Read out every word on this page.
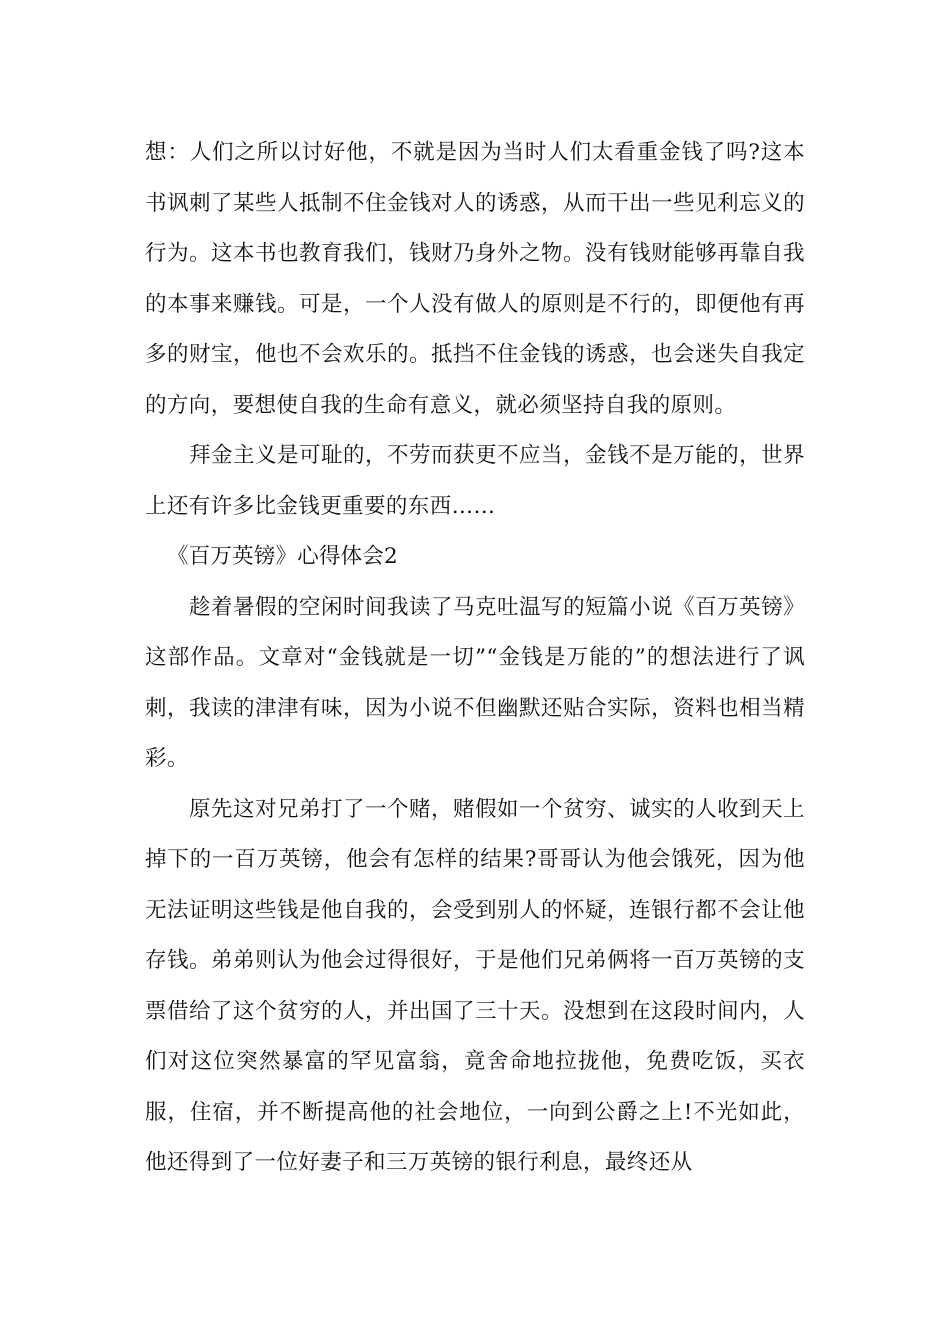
想：人们之所以讨好他，不就是因为当时人们太看重金钱了吗?这本书讽刺了某些人抵制不住金钱对人的诱惑，从而干出一些见利忘义的行为。这本书也教育我们，钱财乃身外之物。没有钱财能够再靠自我的本事来赚钱。可是，一个人没有做人的原则是不行的，即便他有再多的财宝，他也不会欢乐的。抵挡不住金钱的诱惑，也会迷失自我定的方向，要想使自我的生命有意义，就必须坚持自我的原则。

拜金主义是可耻的，不劳而获更不应当，金钱不是万能的，世界上还有许多比金钱更重要的东西……

《百万英镑》心得体会2

趁着暑假的空闲时间我读了马克吐温写的短篇小说《百万英镑》这部作品。文章对“金钱就是一切”“金钱是万能的”的想法进行了讽刺，我读的津津有味，因为小说不但幽默还贴合实际，资料也相当精彩。

原先这对兄弟打了一个赌，赌假如一个贫穷、诚实的人收到天上掉下的一百万英镑，他会有怎样的结果?哥哥认为他会饿死，因为他无法证明这些钱是他自我的，会受到别人的怀疑，连银行都不会让他存钱。弟弟则认为他会过得很好，于是他们兄弟俩将一百万英镑的支票借给了这个贫穷的人，并出国了三十天。没想到在这段时间内，人们对这位突然暴富的罕见富翁，竟舍命地拉拢他，免费吃饭，买衣服，住宿，并不断提高他的社会地位，一向到公爵之上!不光如此，他还得到了一位好妻子和三万英镑的银行利息，最终还从
